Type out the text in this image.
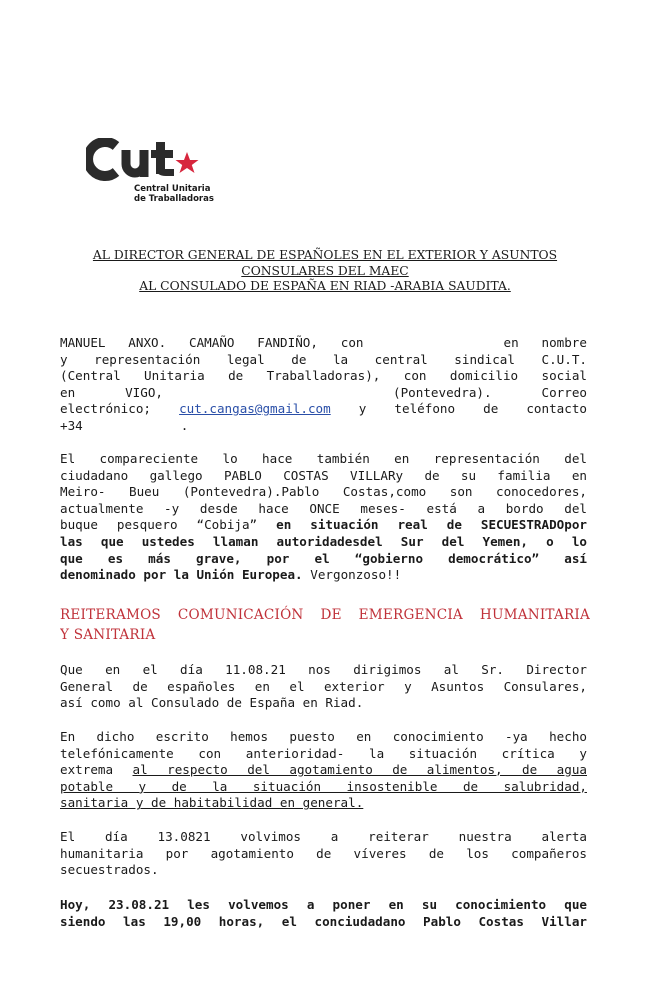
Central Unitaria
de Traballadoras
AL DIRECTOR GENERAL DE ESPAÑOLES EN EL EXTERIOR Y ASUNTOS
CONSULARES DEL MAEC
AL CONSULADO DE ESPAÑA EN RIAD -ARABIA SAUDITA.
MANUEL ANXO. CAMAÑO FANDIÑO, con	en nombre
y representación legal de la central sindical C.U.T.
(Central Unitaria de Traballadoras), con domicilio social
en VIGO,	(Pontevedra). Correo
electrónico; cut.cangas@gmail.com y teléfono de contacto
+34	.
El compareciente lo hace también en representación del
ciudadano gallego PABLO COSTAS VILLARy de su familia en
Meiro- Bueu (Pontevedra).Pablo Costas,como son conocedores,
actualmente -y desde hace ONCE meses- está a bordo del
buque pesquero “Cobija” en situación real de SECUESTRADOpor
las que ustedes llaman autoridadesdel Sur del Yemen, o lo
que es más grave, por el “gobierno democrático” así
denominado por la Unión Europea. Vergonzoso!!
REITERAMOS COMUNICACIÓN DE EMERGENCIA HUMANITARIA
Y SANITARIA
Que en el día 11.08.21 nos dirigimos al Sr. Director
General de españoles en el exterior y Asuntos Consulares,
así como al Consulado de España en Riad.
En dicho escrito hemos puesto en conocimiento -ya hecho
telefónicamente con anterioridad- la situación crítica y
extrema al respecto del agotamiento de alimentos, de agua
potable y de la situación insostenible de salubridad,
sanitaria y de habitabilidad en general.
El día 13.0821 volvimos a reiterar nuestra alerta
humanitaria por agotamiento de víveres de los compañeros
secuestrados.
Hoy, 23.08.21 les volvemos a poner en su conocimiento que
siendo las 19,00 horas, el conciudadano Pablo Costas Villar
